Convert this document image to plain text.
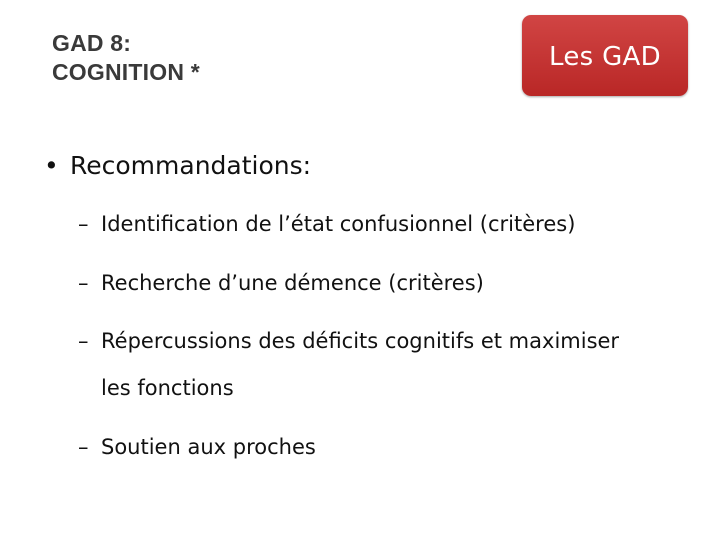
GAD 8:
COGNITION *
Les GAD
• Recommandations:
– Identification de l’état confusionnel (critères)
– Recherche d’une démence (critères)
– Répercussions des déficits cognitifs et maximiser
les fonctions
– Soutien aux proches
